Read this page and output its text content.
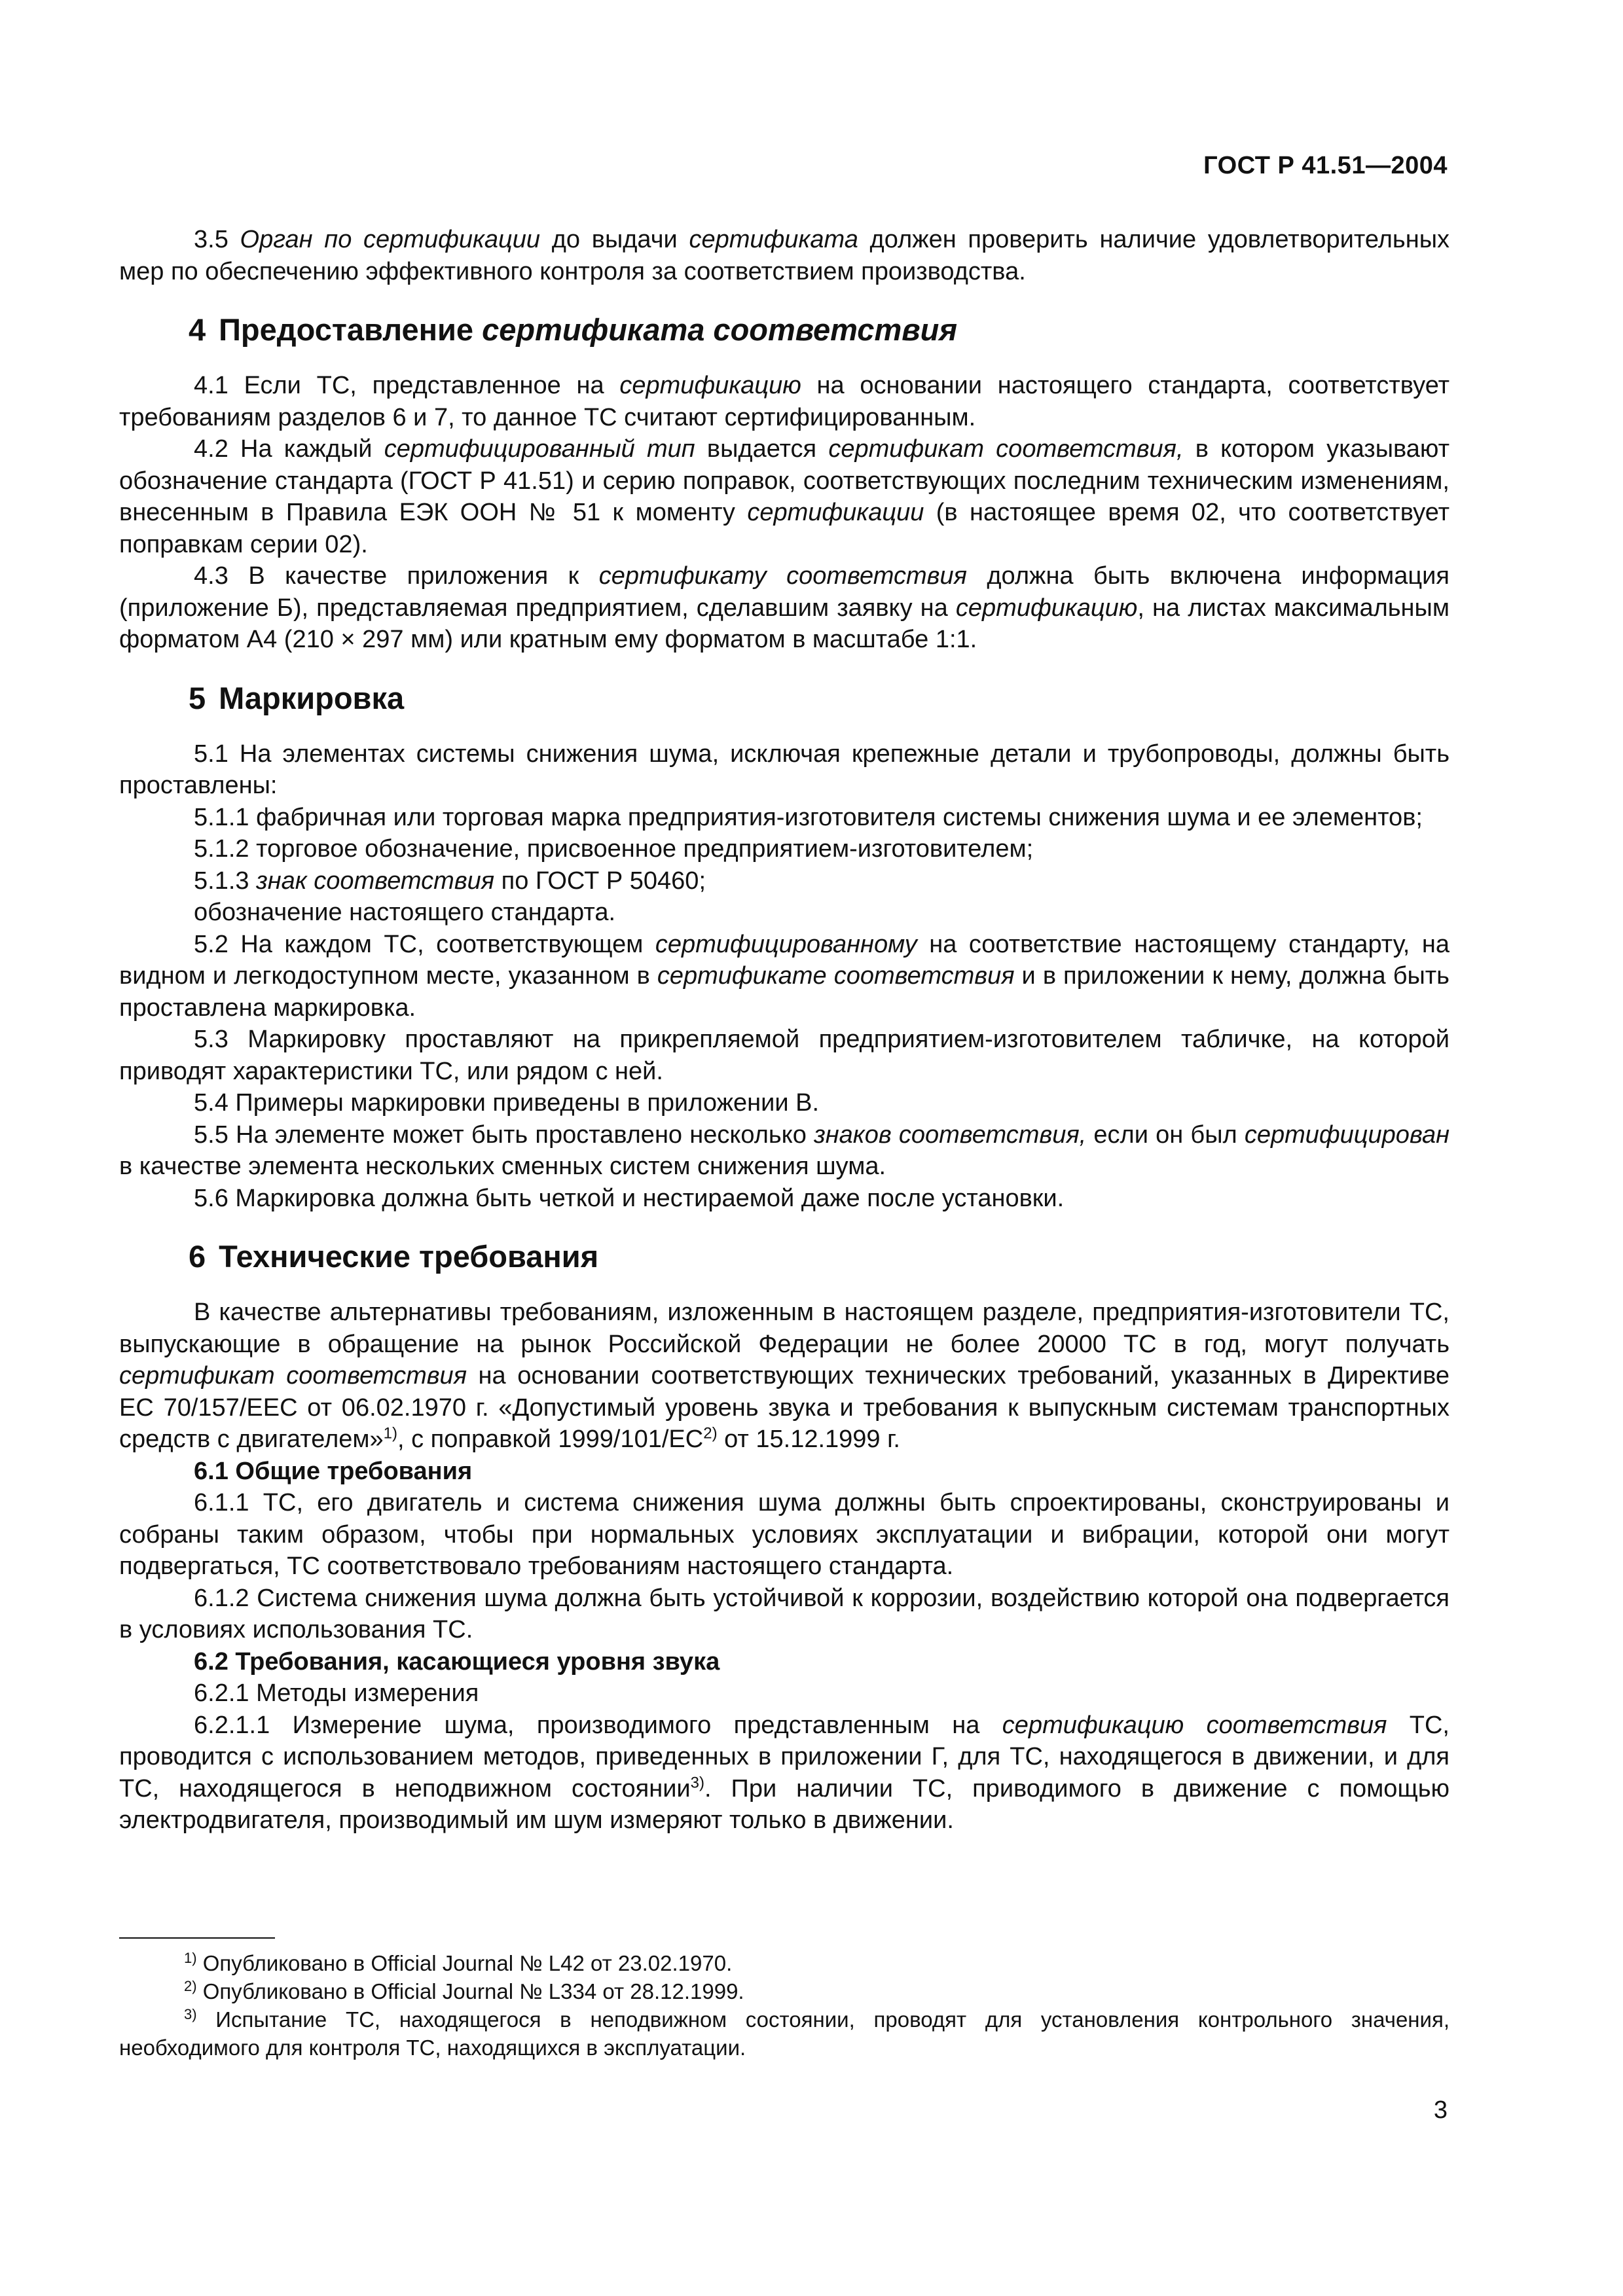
ГОСТ Р 41.51—2004

3.5 Орган по сертификации до выдачи сертификата должен проверить наличие удовлетворительных мер по обеспечению эффективного контроля за соответствием производства.

4 Предоставление сертификата соответствия

4.1 Если ТС, представленное на сертификацию на основании настоящего стандарта, соответствует требованиям разделов 6 и 7, то данное ТС считают сертифицированным.

4.2 На каждый сертифицированный тип выдается сертификат соответствия, в котором указывают обозначение стандарта (ГОСТ Р 41.51) и серию поправок, соответствующих последним техническим изменениям, внесенным в Правила ЕЭК ООН № 51 к моменту сертификации (в настоящее время 02, что соответствует поправкам серии 02).

4.3 В качестве приложения к сертификату соответствия должна быть включена информация (приложение Б), представляемая предприятием, сделавшим заявку на сертификацию, на листах максимальным форматом А4 (210 × 297 мм) или кратным ему форматом в масштабе 1:1.

5 Маркировка

5.1 На элементах системы снижения шума, исключая крепежные детали и трубопроводы, должны быть проставлены:

5.1.1 фабричная или торговая марка предприятия-изготовителя системы снижения шума и ее элементов;

5.1.2 торговое обозначение, присвоенное предприятием-изготовителем;

5.1.3 знак соответствия по ГОСТ Р 50460;

обозначение настоящего стандарта.

5.2 На каждом ТС, соответствующем сертифицированному на соответствие настоящему стандарту, на видном и легкодоступном месте, указанном в сертификате соответствия и в приложении к нему, должна быть проставлена маркировка.

5.3 Маркировку проставляют на прикрепляемой предприятием-изготовителем табличке, на которой приводят характеристики ТС, или рядом с ней.

5.4 Примеры маркировки приведены в приложении В.

5.5 На элементе может быть проставлено несколько знаков соответствия, если он был сертифицирован в качестве элемента нескольких сменных систем снижения шума.

5.6 Маркировка должна быть четкой и нестираемой даже после установки.

6 Технические требования

В качестве альтернативы требованиям, изложенным в настоящем разделе, предприятия-изготовители ТС, выпускающие в обращение на рынок Российской Федерации не более 20000 ТС в год, могут получать сертификат соответствия на основании соответствующих технических требований, указанных в Директиве ЕС 70/157/ЕЕС от 06.02.1970 г. «Допустимый уровень звука и требования к выпускным системам транспортных средств с двигателем»$^{1)}$, с поправкой 1999/101/ЕС$^{2)}$ от 15.12.1999 г.

6.1 Общие требования

6.1.1 ТС, его двигатель и система снижения шума должны быть спроектированы, сконструированы и собраны таким образом, чтобы при нормальных условиях эксплуатации и вибрации, которой они могут подвергаться, ТС соответствовало требованиям настоящего стандарта.

6.1.2 Система снижения шума должна быть устойчивой к коррозии, воздействию которой она подвергается в условиях использования ТС.

6.2 Требования, касающиеся уровня звука

6.2.1 Методы измерения

6.2.1.1 Измерение шума, производимого представленным на сертификацию соответствия ТС, проводится с использованием методов, приведенных в приложении Г, для ТС, находящегося в движении, и для ТС, находящегося в неподвижном состоянии$^{3)}$. При наличии ТС, приводимого в движение с помощью электродвигателя, производимый им шум измеряют только в движении.

$^{1)}$ Опубликовано в Official Journal № L42 от 23.02.1970.

$^{2)}$ Опубликовано в Official Journal № L334 от 28.12.1999.

$^{3)}$ Испытание ТС, находящегося в неподвижном состоянии, проводят для установления контрольного значения, необходимого для контроля ТС, находящихся в эксплуатации.

3
